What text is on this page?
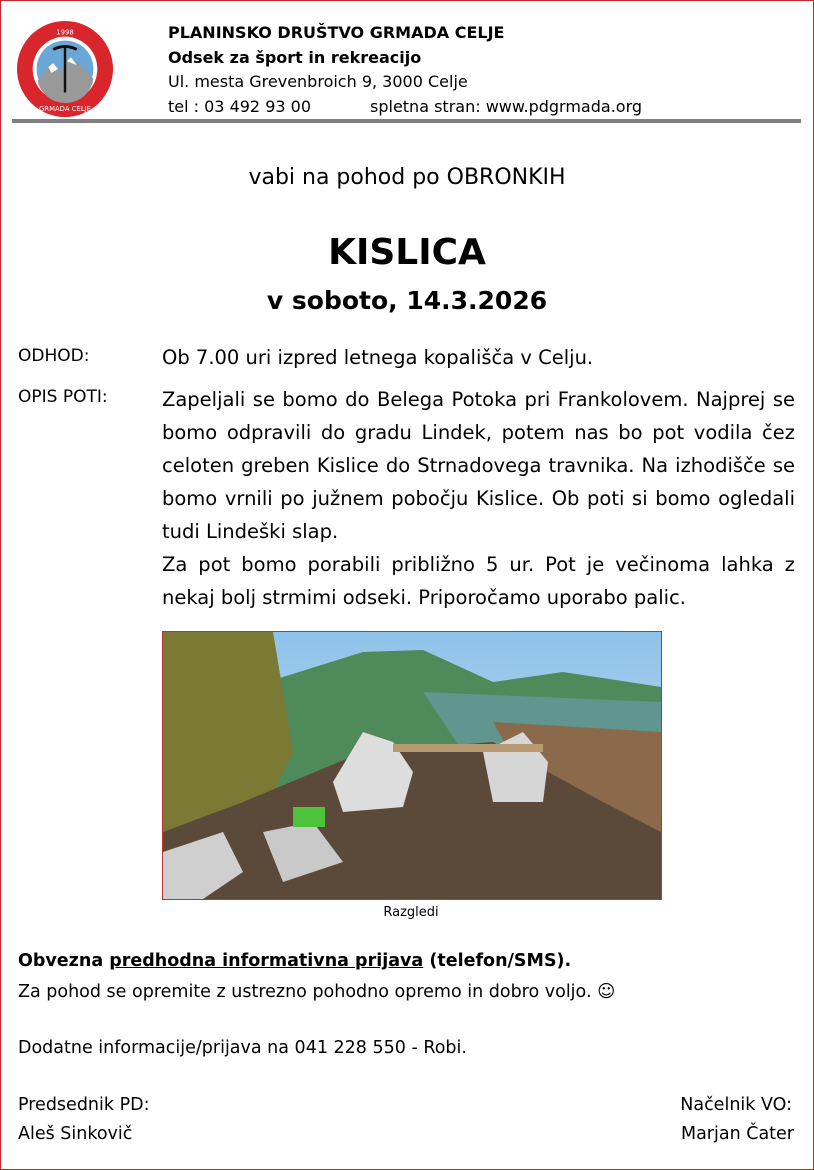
1998
GRMADA CELJE
PLANINSKO DRUŠTVO GRMADA CELJE
Odsek za šport in rekreacijo
Ul. mesta Grevenbroich 9, 3000 Celje
tel : 03 492 93 00	spletna stran: www.pdgrmada.org
vabi na pohod po OBRONKIH
KISLICA
v soboto, 14.3.2026
ODHOD:	Ob 7.00 uri izpred letnega kopališča v Celju.
OPIS POTI:	Zapeljali se bomo do Belega Potoka pri Frankolovem. Najprej se bomo odpravili do gradu Lindek, potem nas bo pot vodila čez celoten greben Kislice do Strnadovega travnika. Na izhodišče se bomo vrnili po južnem pobočju Kislice. Ob poti si bomo ogledali tudi Lindeški slap.
Za pot bomo porabili približno 5 ur. Pot je večinoma lahka z nekaj bolj strmimi odseki. Priporočamo uporabo palic.
Razgledi
Obvezna predhodna informativna prijava (telefon/SMS).
Za pohod se opremite z ustrezno pohodno opremo in dobro voljo. ☺
Dodatne informacije/prijava na 041 228 550 - Robi.
Predsednik PD:
Aleš Sinkovič
Načelnik VO:
Marjan Čater
